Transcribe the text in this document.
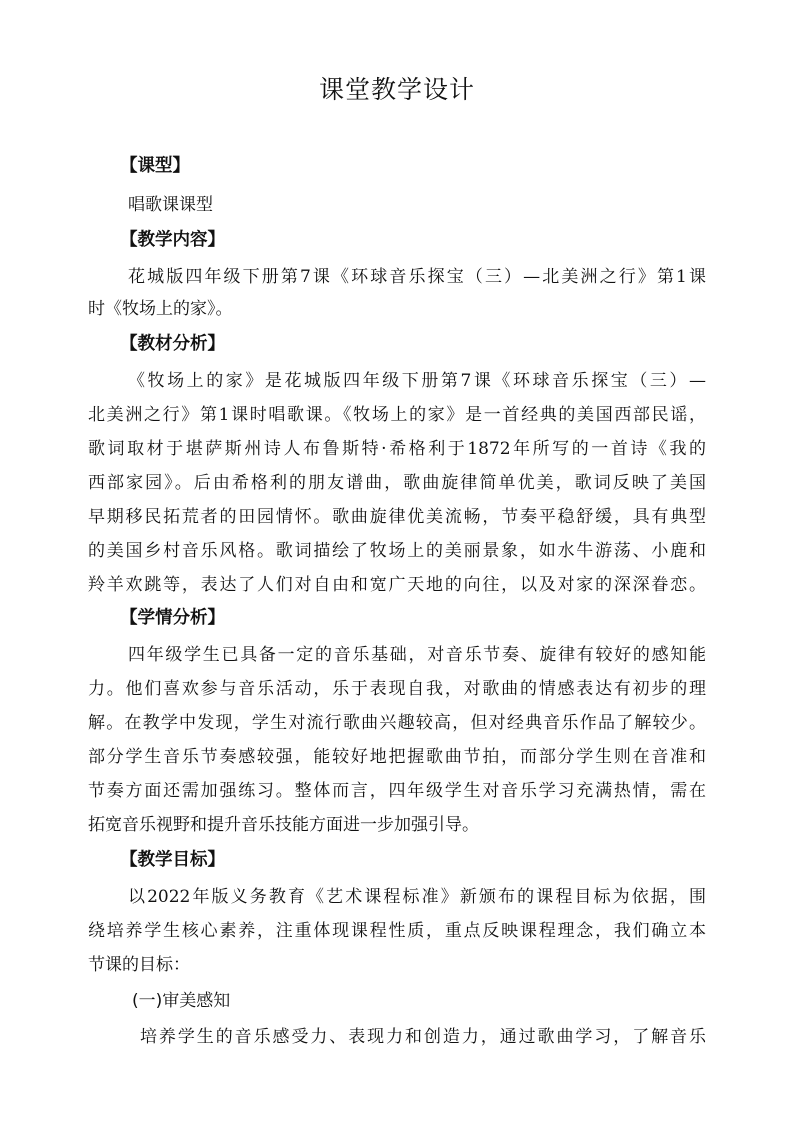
课堂教学设计
【课型】
唱歌课课型
【教学内容】
花城版四年级下册第7课《环球音乐探宝（三）—北美洲之行》第1课
时《牧场上的家》。
【教材分析】
《牧场上的家》是花城版四年级下册第7课《环球音乐探宝（三）—
北美洲之行》第1课时唱歌课。《牧场上的家》是一首经典的美国西部民谣，
歌词取材于堪萨斯州诗人布鲁斯特·希格利于1872年所写的一首诗《我的
西部家园》。后由希格利的朋友谱曲，歌曲旋律简单优美，歌词反映了美国
早期移民拓荒者的田园情怀。歌曲旋律优美流畅，节奏平稳舒缓，具有典型
的美国乡村音乐风格。歌词描绘了牧场上的美丽景象，如水牛游荡、小鹿和
羚羊欢跳等，表达了人们对自由和宽广天地的向往，以及对家的深深眷恋。
【学情分析】
四年级学生已具备一定的音乐基础，对音乐节奏、旋律有较好的感知能
力。他们喜欢参与音乐活动，乐于表现自我，对歌曲的情感表达有初步的理
解。在教学中发现，学生对流行歌曲兴趣较高，但对经典音乐作品了解较少。
部分学生音乐节奏感较强，能较好地把握歌曲节拍，而部分学生则在音准和
节奏方面还需加强练习。整体而言，四年级学生对音乐学习充满热情，需在
拓宽音乐视野和提升音乐技能方面进一步加强引导。
【教学目标】
以2022年版义务教育《艺术课程标准》新颁布的课程目标为依据，围
绕培养学生核心素养，注重体现课程性质，重点反映课程理念，我们确立本
节课的目标：
(一)审美感知
培养学生的音乐感受力、表现力和创造力，通过歌曲学习，了解音乐
